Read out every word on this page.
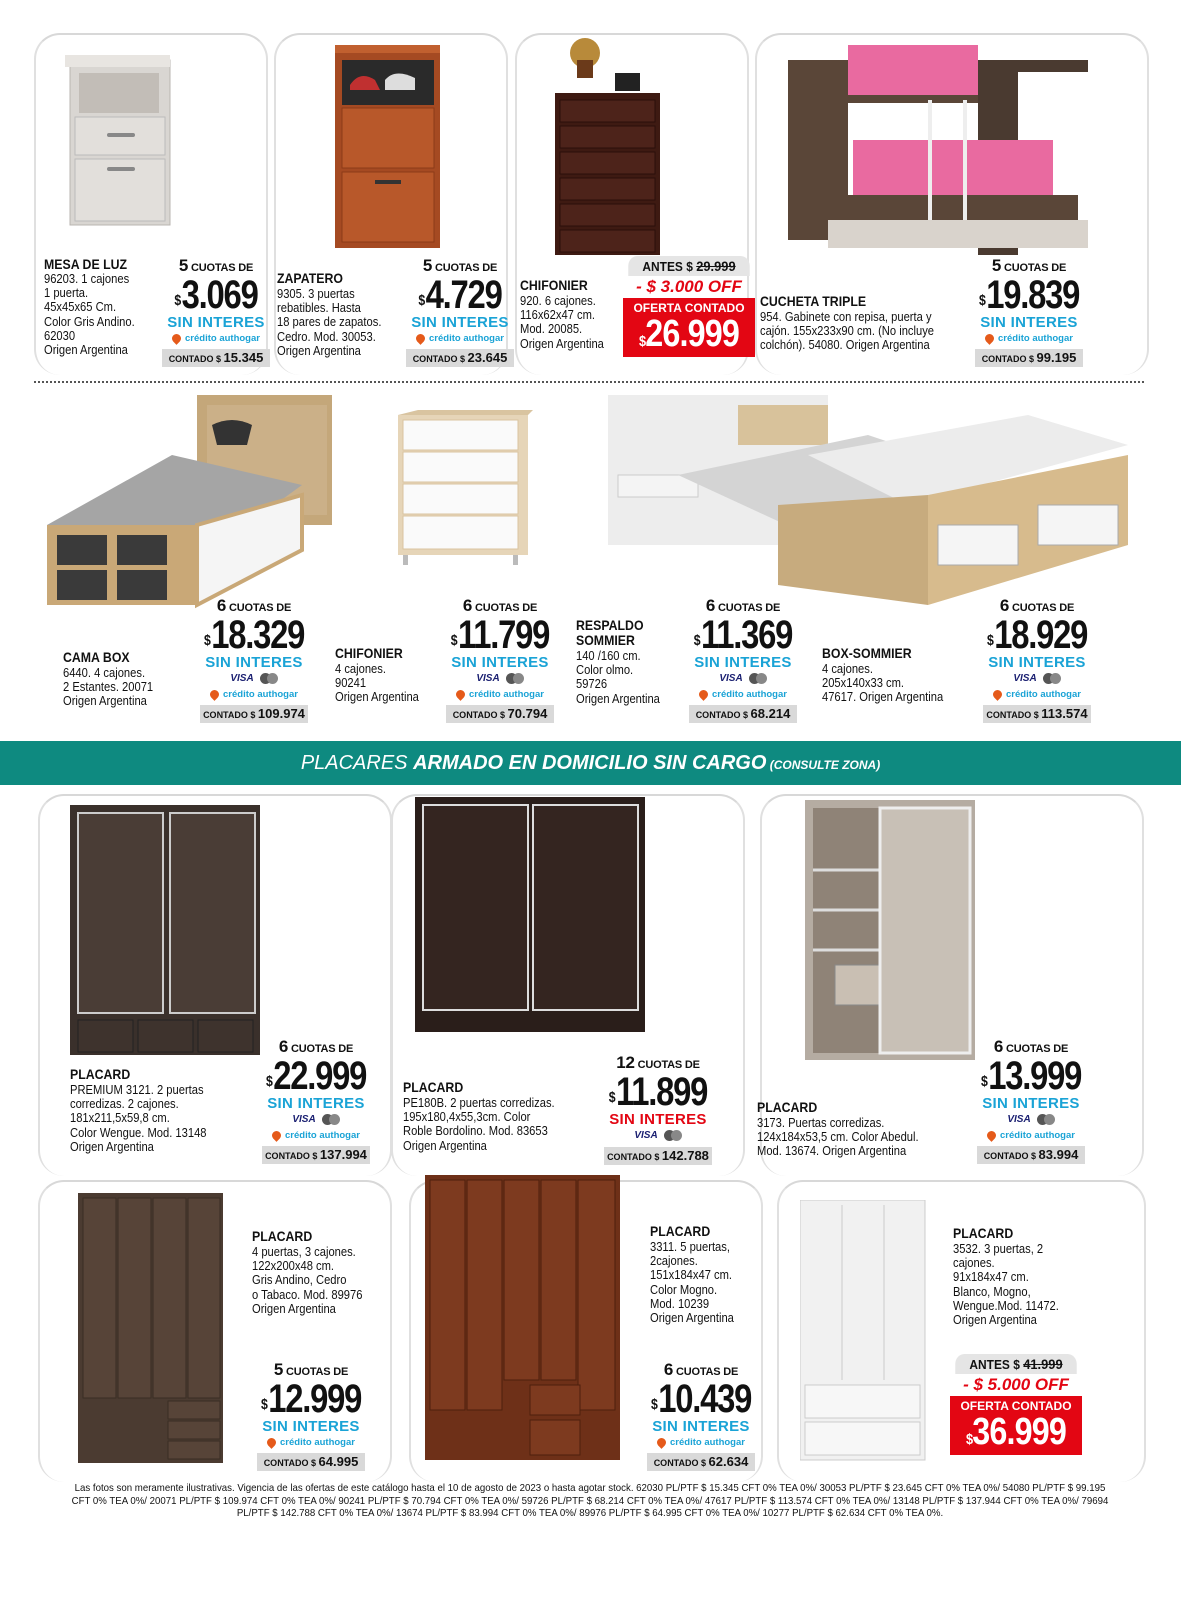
MESA DE LUZ
96203. 1 cajones
1 puerta.
45x45x65 Cm.
Color Gris Andino.
62030
Origen Argentina
ZAPATERO
9305. 3 puertas
rebatibles. Hasta
18 pares de zapatos.
Cedro. Mod. 30053.
Origen Argentina
CHIFONIER
920. 6 cajones.
116x62x47 cm.
Mod. 20085.
Origen Argentina
CUCHETA TRIPLE
954. Gabinete con repisa, puerta y
cajón. 155x233x90 cm. (No incluye
colchón). 54080. Origen Argentina
CAMA BOX
6440. 4 cajones.
2 Estantes. 20071
Origen Argentina
CHIFONIER
4 cajones.
90241
Origen Argentina
RESPALDO
SOMMIER
140 /160 cm.
Color olmo.
59726
Origen Argentina
BOX-SOMMIER
4 cajones.
205x140x33 cm.
47617. Origen Argentina
PLACARD
PREMIUM 3121. 2 puertas
corredizas. 2 cajones.
181x211,5x59,8 cm.
Color Wengue. Mod. 13148
Origen Argentina
PLACARD
PE180B. 2 puertas corredizas.
195x180,4x55,3cm. Color
Roble Bordolino. Mod. 83653
Origen Argentina
PLACARD
3173. Puertas corredizas.
124x184x53,5 cm. Color Abedul.
Mod. 13674. Origen Argentina
PLACARD
4 puertas, 3 cajones.
122x200x48 cm.
Gris Andino, Cedro
o Tabaco. Mod. 89976
Origen Argentina
PLACARD
3311. 5 puertas,
2cajones.
151x184x47 cm.
Color Mogno.
Mod. 10239
Origen Argentina
PLACARD
3532. 3 puertas, 2
cajones.
91x184x47 cm.
Blanco, Mogno,
Wengue.Mod. 11472.
Origen Argentina
5 CUOTAS DE
$3.069
SIN INTERES
crédito authogar
CONTADO $ 15.345
5 CUOTAS DE
$4.729
SIN INTERES
crédito authogar
CONTADO $ 23.645
ANTES $ 29.999
- $ 3.000 OFF
OFERTA CONTADO
$26.999
5 CUOTAS DE
$19.839
SIN INTERES
crédito authogar
CONTADO $ 99.195
6 CUOTAS DE
$18.329
SIN INTERES
VISA
crédito authogar
CONTADO $ 109.974
6 CUOTAS DE
$11.799
SIN INTERES
VISA
crédito authogar
CONTADO $ 70.794
6 CUOTAS DE
$11.369
SIN INTERES
VISA
crédito authogar
CONTADO $ 68.214
6 CUOTAS DE
$18.929
SIN INTERES
VISA
crédito authogar
CONTADO $ 113.574
PLACARES ARMADO EN DOMICILIO SIN CARGO (CONSULTE ZONA)
6 CUOTAS DE
$22.999
SIN INTERES
VISA
crédito authogar
CONTADO $ 137.994
12 CUOTAS DE
$11.899
SIN INTERES
VISA
CONTADO $ 142.788
6 CUOTAS DE
$13.999
SIN INTERES
VISA
crédito authogar
CONTADO $ 83.994
5 CUOTAS DE
$12.999
SIN INTERES
crédito authogar
CONTADO $ 64.995
6 CUOTAS DE
$10.439
SIN INTERES
crédito authogar
CONTADO $ 62.634
ANTES $ 41.999
- $ 5.000 OFF
OFERTA CONTADO
$36.999
Las fotos son meramente ilustrativas. Vigencia de las ofertas de este catálogo hasta el 10 de agosto de 2023 o hasta agotar stock. 62030 PL/PTF $ 15.345 CFT 0% TEA 0%/ 30053 PL/PTF $ 23.645 CFT 0% TEA 0%/ 54080 PL/PTF $ 99.195
CFT 0% TEA 0%/ 20071 PL/PTF $ 109.974 CFT 0% TEA 0%/ 90241 PL/PTF $ 70.794 CFT 0% TEA 0%/ 59726 PL/PTF $ 68.214 CFT 0% TEA 0%/ 47617 PL/PTF $ 113.574 CFT 0% TEA 0%/ 13148 PL/PTF $ 137.944 CFT 0% TEA 0%/ 79694
PL/PTF $ 142.788 CFT 0% TEA 0%/ 13674 PL/PTF $ 83.994 CFT 0% TEA 0%/ 89976 PL/PTF $ 64.995 CFT 0% TEA 0%/ 10277 PL/PTF $ 62.634 CFT 0% TEA 0%.
